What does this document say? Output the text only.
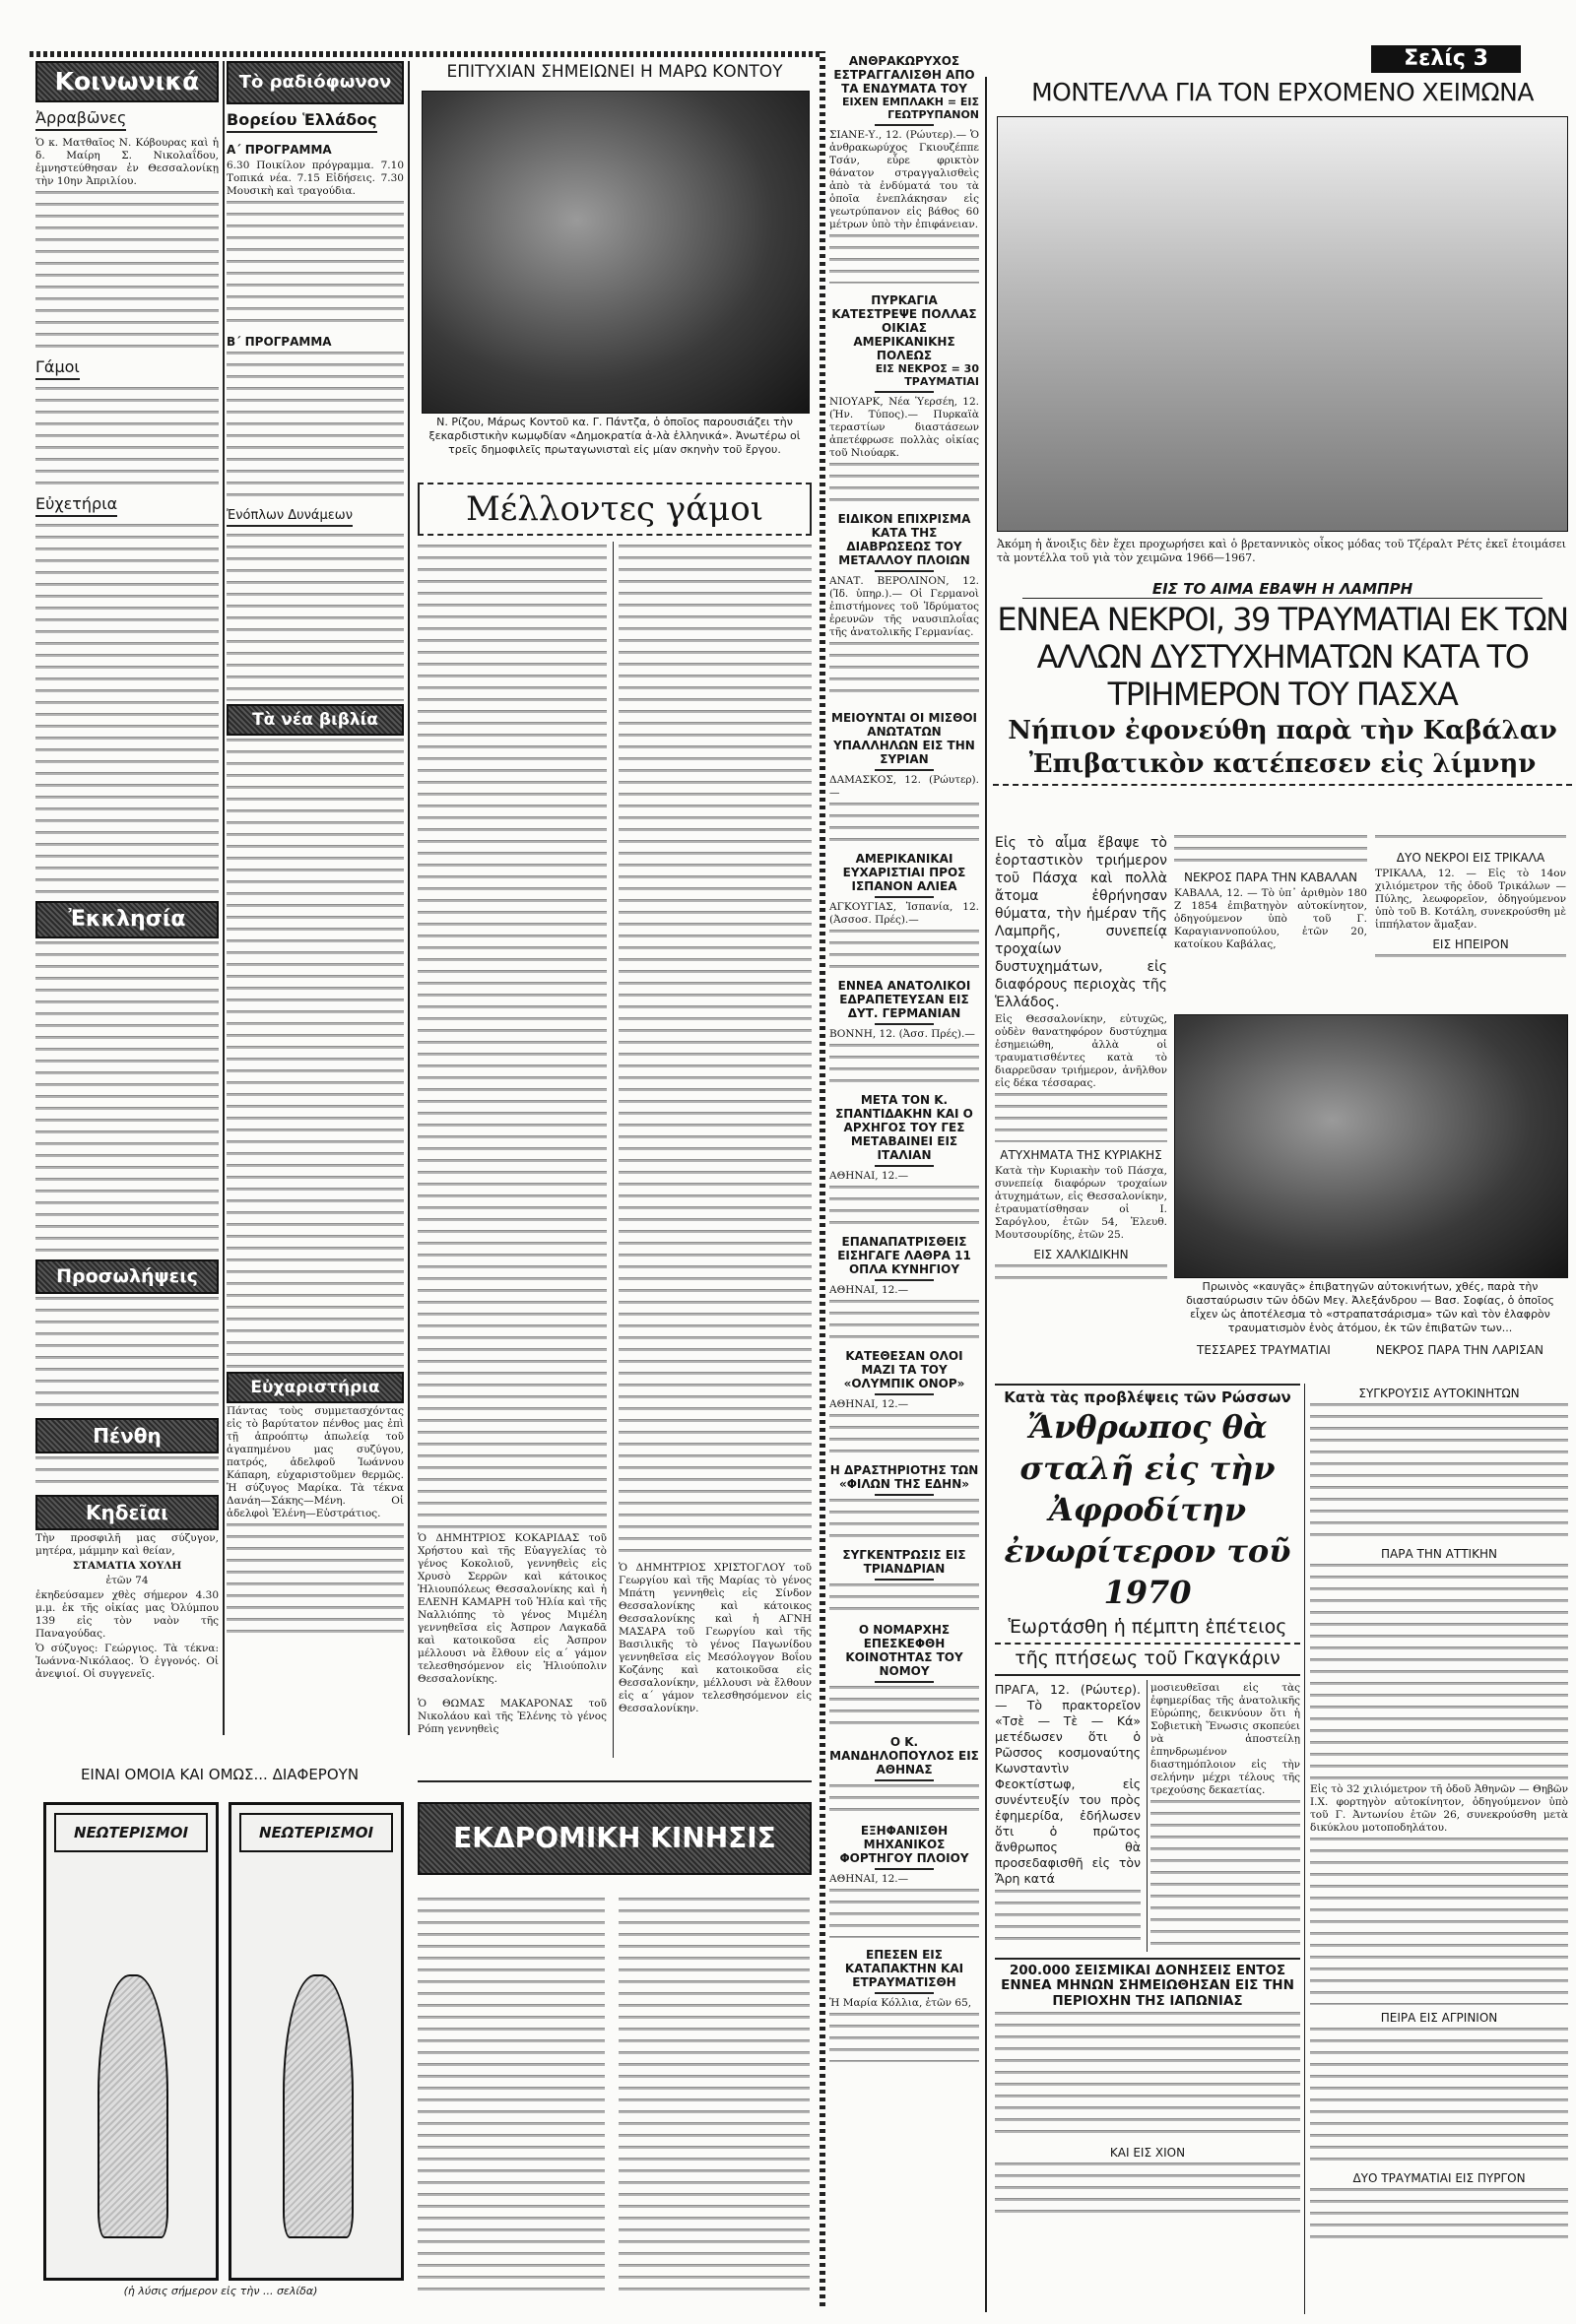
Κοινωνικά
Ἀρραβῶνες
Ὁ κ. Ματθαῖος Ν. Κόβουρας καὶ ἡ δ. Μαίρη Σ. Νικολαΐδου, ἐμνηστεύθησαν ἐν Θεσσαλονίκῃ τὴν 10ην Ἀπριλίου.
Γάμοι
Εὐχετήρια
Ἐκκλησία
Προσωλήψεις
Πένθη
Κηδεῖαι
Τὴν προσφιλῆ μας σύζυγον, μητέρα, μάμμην καὶ θείαν,
ΣΤΑΜΑΤΙΑ ΧΟΥΛΗ
ἐτῶν 74
ἐκηδεύσαμεν χθὲς σήμερον 4.30 μ.μ. ἐκ τῆς οἰκίας μας Ὀλύμπου 139 εἰς τὸν ναὸν τῆς Παναγούδας.
Ὁ σύζυγος: Γεώργιος. Τὰ τέκνα: Ἰωάννα-Νικόλαος. Ὁ ἐγγονός. Οἱ ἀνεψιοί. Οἱ συγγενεῖς.
Τὸ ραδιόφωνον
Βορείου Ἑλλάδος
Α΄ ΠΡΟΓΡΑΜΜΑ
6.30 Ποικίλον πρόγραμμα. 7.10 Τοπικά νέα. 7.15 Εἰδήσεις. 7.30 Μουσικὴ καὶ τραγούδια.
Β΄ ΠΡΟΓΡΑΜΜΑ
Ἐνόπλων Δυνάμεων
Τὰ νέα βιβλία
Εὐχαριστήρια
Πάντας τοὺς συμμετασχόντας εἰς τὸ βαρύτατον πένθος μας ἐπὶ τῇ ἀπροόπτῳ ἀπωλείᾳ τοῦ ἀγαπημένου μας συζύγου, πατρός, ἀδελφοῦ Ἰωάννου Κάπαρη, εὐχαριστοῦμεν θερμῶς. Ἡ σύζυγος Μαρίκα. Τὰ τέκνα Δανάη—Σάκης—Μένη. Οἱ ἀδελφοὶ Ἑλένη—Εὐστράτιος.
ΕΠΙΤΥΧΙΑΝ ΣΗΜΕΙΩΝΕΙ Η ΜΑΡΩ ΚΟΝΤΟΥ
Ν. Ρίζου, Μάρως Κοντοῦ κα. Γ. Πάντζα, ὁ ὁποῖος παρουσιάζει τὴν ξεκαρδιστικὴν κωμῳδίαν «Δημοκρατία ἀ-λὰ ἑλληνικά». Ἀνωτέρω οἱ τρεῖς δημοφιλεῖς πρωταγωνισταὶ εἰς μίαν σκηνὴν τοῦ ἔργου.
Μέλλοντες γάμοι
Ὁ ΔΗΜΗΤΡΙΟΣ ΚΟΚΑΡΙΔΑΣ τοῦ Χρήστου καὶ τῆς Εὐαγγελίας τὸ γένος Κοκολιοῦ, γεννηθεὶς εἰς Χρυσὸ Σερρῶν καὶ κάτοικος Ἡλιουπόλεως Θεσσαλονίκης καὶ ἡ ΕΛΕΝΗ ΚΑΜΑΡΗ τοῦ Ἠλία καὶ τῆς Ναλλιόπης τὸ γένος Μιμέλη γεννηθεῖσα εἰς Ἀσπρον Λαγκαδᾶ καὶ κατοικοῦσα εἰς Ἀσπρον μέλλουσι νὰ ἔλθουν εἰς α΄ γάμον τελεσθησόμενον εἰς Ἡλιούπολιν Θεσσαλονίκης.
Ὁ ΘΩΜΑΣ ΜΑΚΑΡΟΝΑΣ τοῦ Νικολάου καὶ τῆς Ἑλένης τὸ γένος Ρόπη γεννηθεὶς
Ὁ ΔΗΜΗΤΡΙΟΣ ΧΡΙΣΤΟΓΛΟΥ τοῦ Γεωργίου καὶ τῆς Μαρίας τὸ γένος Μπάτη γεννηθεὶς εἰς Σίνδον Θεσσαλονίκης καὶ κάτοικος Θεσσαλονίκης καὶ ἡ ΑΓΝΗ ΜΑΣΑΡΑ τοῦ Γεωργίου καὶ τῆς Βασιλικῆς τὸ γένος Παγωνίδου γεννηθεῖσα εἰς Μεσόλογγον Βοΐου Κοζάνης καὶ κατοικοῦσα εἰς Θεσσαλονίκην, μέλλουσι νὰ ἔλθουν εἰς α΄ γάμον τελεσθησόμενον εἰς Θεσσαλονίκην.
ΕΚΔΡΟΜΙΚΗ ΚΙΝΗΣΙΣ
ΕΙΝΑΙ ΟΜΟΙΑ ΚΑΙ ΟΜΩΣ... ΔΙΑΦΕΡΟΥΝ
ΝΕΩΤΕΡΙΣΜΟΙ	ΝΕΩΤΕΡΙΣΜΟΙ
(ἡ λύσις σήμερον εἰς τὴν ... σελίδα)
ΑΝΘΡΑΚΩΡΥΧΟΣ ΕΣΤΡΑΓΓΑΛΙΣΘΗ ΑΠΟ ΤΑ ΕΝΔΥΜΑΤΑ ΤΟΥ
ΕΙΧΕΝ ΕΜΠΛΑΚΗ = ΕΙΣ ΓΕΩΤΡΥΠΑΝΟΝ
ΣΙΑΝΕ-Υ., 12. (Ρώυτερ).— Ὁ ἀνθρακωρύχος Γκιουζέππε Τσάν, εὗρε φρικτὸν θάνατον στραγγαλισθεὶς ἀπὸ τὰ ἐνδύματά του τὰ ὁποῖα ἐνεπλάκησαν εἰς γεωτρύπανον εἰς βάθος 60 μέτρων ὑπὸ τὴν ἐπιφάνειαν.
ΠΥΡΚΑΓΙΑ ΚΑΤΕΣΤΡΕΨΕ ΠΟΛΛΑΣ ΟΙΚΙΑΣ ΑΜΕΡΙΚΑΝΙΚΗΣ ΠΟΛΕΩΣ
ΕΙΣ ΝΕΚΡΟΣ = 30 ΤΡΑΥΜΑΤΙΑΙ
ΝΙΟΥΑΡΚ, Νέα Ὑερσέη, 12. (Ἡν. Τύπος).— Πυρκαϊὰ τεραστίων διαστάσεων ἀπετέφρωσε πολλὰς οἰκίας τοῦ Νιούαρκ.
ΕΙΔΙΚΟΝ ΕΠΙΧΡΙΣΜΑ ΚΑΤΑ ΤΗΣ ΔΙΑΒΡΩΣΕΩΣ ΤΟΥ ΜΕΤΑΛΛΟΥ ΠΛΟΙΩΝ
ΑΝΑΤ. ΒΕΡΟΛΙΝΟΝ, 12. (Ἰδ. ὑπηρ.).— Οἱ Γερμανοὶ ἐπιστήμονες τοῦ Ἰδρύματος ἐρευνῶν τῆς ναυσιπλοΐας τῆς ἀνατολικῆς Γερμανίας.
ΜΕΙΟΥΝΤΑΙ ΟΙ ΜΙΣΘΟΙ ΑΝΩΤΑΤΩΝ ΥΠΑΛΛΗΛΩΝ ΕΙΣ ΤΗΝ ΣΥΡΙΑΝ
ΔΑΜΑΣΚΟΣ, 12. (Ρώυτερ).—
ΑΜΕΡΙΚΑΝΙΚΑΙ ΕΥΧΑΡΙΣΤΙΑΙ ΠΡΟΣ ΙΣΠΑΝΟΝ ΑΛΙΕΑ
ΑΓΚΟΥΓΙΑΣ, Ἱσπανία, 12. (Ἀσσοσ. Πρές).—
ΕΝΝΕΑ ΑΝΑΤΟΛΙΚΟΙ ΕΔΡΑΠΕΤΕΥΣΑΝ ΕΙΣ ΔΥΤ. ΓΕΡΜΑΝΙΑΝ
ΒΟΝΝΗ, 12. (Ἀσσ. Πρές).—
ΜΕΤΑ ΤΟΝ Κ. ΣΠΑΝΤΙΔΑΚΗΝ ΚΑΙ Ο ΑΡΧΗΓΟΣ ΤΟΥ ΓΕΣ ΜΕΤΑΒΑΙΝΕΙ ΕΙΣ ΙΤΑΛΙΑΝ
ΑΘΗΝΑΙ, 12.—
ΕΠΑΝΑΠΑΤΡΙΣΘΕΙΣ ΕΙΣΗΓΑΓΕ ΛΑΘΡΑ 11 ΟΠΛΑ ΚΥΝΗΓΙΟΥ
ΑΘΗΝΑΙ, 12.—
ΚΑΤΕΘΕΣΑΝ ΟΛΟΙ ΜΑΖΙ ΤΑ ΤΟΥ «ΟΛΥΜΠΙΚ ΟΝΟΡ»
ΑΘΗΝΑΙ, 12.—
Η ΔΡΑΣΤΗΡΙΟΤΗΣ ΤΩΝ «ΦΙΛΩΝ ΤΗΣ ΕΔΗΝ»
ΣΥΓΚΕΝΤΡΩΣΙΣ ΕΙΣ ΤΡΙΑΝΔΡΙΑΝ
Ο ΝΟΜΑΡΧΗΣ ΕΠΕΣΚΕΦΘΗ ΚΟΙΝΟΤΗΤΑΣ ΤΟΥ ΝΟΜΟΥ
Ο Κ. ΜΑΝΔΗΛΟΠΟΥΛΟΣ ΕΙΣ ΑΘΗΝΑΣ
ΕΞΗΦΑΝΙΣΘΗ ΜΗΧΑΝΙΚΟΣ ΦΟΡΤΗΓΟΥ ΠΛΟΙΟΥ
ΑΘΗΝΑΙ, 12.—
ΕΠΕΣΕΝ ΕΙΣ ΚΑΤΑΠΑΚΤΗΝ ΚΑΙ ΕΤΡΑΥΜΑΤΙΣΘΗ
Ἡ Μαρία Κόλλια, ἐτῶν 65,
Σελίς 3
ΜΟΝΤΕΛΛΑ ΓΙΑ ΤΟΝ ΕΡΧΟΜΕΝΟ ΧΕΙΜΩΝΑ
Ἀκόμη ἡ ἄνοιξις δὲν ἔχει προχωρήσει καὶ ὁ βρεταννικὸς οἶκος μόδας τοῦ Τζέραλτ Ρέτς ἐκεῖ ἑτοιμάσει τὰ μοντέλλα τοῦ γιὰ τὸν χειμῶνα 1966—1967.
ΕΙΣ ΤΟ ΑΙΜΑ ΕΒΑΨΗ Η ΛΑΜΠΡΗ
ΕΝΝΕΑ ΝΕΚΡΟΙ, 39 ΤΡΑΥΜΑΤΙΑΙ ΕΚ ΤΩΝ ΑΛΛΩΝ ΔΥΣΤΥΧΗΜΑΤΩΝ ΚΑΤΑ ΤΟ ΤΡΙΗΜΕΡΟΝ ΤΟΥ ΠΑΣΧΑ
Νήπιον ἐφονεύθη παρὰ τὴν Καβάλαν
Ἐπιβατικὸν κατέπεσεν εἰς λίμνην
Εἰς τὸ αἷμα ἔβαψε τὸ ἑορταστικὸν τριήμερον τοῦ Πάσχα καὶ πολλὰ ἄτομα ἐθρήνησαν θύματα, τὴν ἡμέραν τῆς Λαμπρῆς, συνεπείᾳ τροχαίων δυστυχημάτων, εἰς διαφόρους περιοχὰς τῆς Ἑλλάδος.
Εἰς Θεσσαλονίκην, εὐτυχῶς, οὐδὲν θανατηφόρον δυστύχημα ἐσημειώθη, ἀλλὰ οἱ τραυματισθέντες κατὰ τὸ διαρρεῦσαν τριήμερον, ἀνῆλθον εἰς δέκα τέσσαρας.
ΑΤΥΧΗΜΑΤΑ ΤΗΣ ΚΥΡΙΑΚΗΣ
Κατὰ τὴν Κυριακὴν τοῦ Πάσχα, συνεπείᾳ διαφόρων τροχαίων ἀτυχημάτων, εἰς Θεσσαλονίκην, ἐτραυματίσθησαν οἱ Ι. Σαρόγλου, ἐτῶν 54, Ἐλευθ. Μουτσουρίδης, ἐτῶν 25.
ΕΙΣ ΧΑΛΚΙΔΙΚΗΝ
ΝΕΚΡΟΣ ΠΑΡΑ ΤΗΝ ΚΑΒΑΛΑΝ
ΚΑΒΑΛΑ, 12. — Τὸ ὑπ᾽ ἀριθμὸν 180 Ζ 1854 ἐπιβατηγὸν αὐτοκίνητον, ὁδηγούμενον ὑπὸ τοῦ Γ. Καραγιαννοπούλου, ἐτῶν 20, κατοίκου Καβάλας,
ΔΥΟ ΝΕΚΡΟΙ ΕΙΣ ΤΡΙΚΑΛΑ
ΤΡΙΚΑΛΑ, 12. — Εἰς τὸ 14ον χιλιόμετρον τῆς ὁδοῦ Τρικάλων — Πύλης, λεωφορεῖον, ὁδηγούμενον ὑπὸ τοῦ Β. Κοτάλη, συνεκρούσθη μὲ ἱππήλατον ἅμαξαν.
ΕΙΣ ΗΠΕΙΡΟΝ
Πρωινὸς «καυγᾶς» ἐπιβατηγῶν αὐτοκινήτων, χθές, παρὰ τὴν διασταύρωσιν τῶν ὁδῶν Μεγ. Ἀλεξάνδρου — Βασ. Σοφίας, ὁ ὁποῖος εἶχεν ὡς ἀποτέλεσμα τὸ «στραπατσάρισμα» τῶν καὶ τὸν ἐλαφρὸν τραυματισμὸν ἑνὸς ἀτόμου, ἐκ τῶν ἐπιβατῶν των...
ΤΕΣΣΑΡΕΣ ΤΡΑΥΜΑΤΙΑΙ	ΝΕΚΡΟΣ ΠΑΡΑ ΤΗΝ ΛΑΡΙΣΑΝ
Κατὰ τὰς προβλέψεις τῶν Ρώσσων
Ἄνθρωπος θὰ σταλῆ εἰς τὴν Ἀφροδίτην ἐνωρίτερον τοῦ 1970
Ἑωρτάσθη ἡ πέμπτη ἐπέτειος
τῆς πτήσεως τοῦ Γκαγκάριν
ΠΡΑΓΑ, 12. (Ρώυτερ). — Τὸ πρακτορεῖον «Τσὲ — Τὲ — Κά» μετέδωσεν ὅτι ὁ Ρῶσσος κοσμοναύτης Κωνσταντὶν Φεοκτίστωφ, εἰς συνέντευξίν του πρὸς ἐφημερίδα, ἐδήλωσεν ὅτι ὁ πρῶτος ἄνθρωπος θὰ προσεδαφισθῆ εἰς τὸν Ἄρη κατά
μοσιευθεῖσαι εἰς τὰς ἐφημερίδας τῆς ἀνατολικῆς Εὐρώπης, δεικνύουν ὅτι ἡ Σοβιετικὴ Ἕνωσις σκοπεύει νὰ ἀποστείλῃ ἐπηνδρωμένον διαστημόπλοιον εἰς τὴν σελήνην μέχρι τέλους τῆς τρεχούσης δεκαετίας.
200.000 ΣΕΙΣΜΙΚΑΙ ΔΟΝΗΣΕΙΣ ΕΝΤΟΣ ΕΝΝΕΑ ΜΗΝΩΝ ΣΗΜΕΙΩΘΗΣΑΝ ΕΙΣ ΤΗΝ ΠΕΡΙΟΧΗΝ ΤΗΣ ΙΑΠΩΝΙΑΣ
ΚΑΙ ΕΙΣ ΧΙΟΝ
ΣΥΓΚΡΟΥΣΙΣ ΑΥΤΟΚΙΝΗΤΩΝ
ΠΑΡΑ ΤΗΝ ΑΤΤΙΚΗΝ
Εἰς τὸ 32 χιλιόμετρον τῆ ὁδοῦ Ἀθηνῶν — Θηβῶν Ι.Χ. φορτηγὸν αὐτοκίνητον, ὁδηγούμενον ὑπὸ τοῦ Γ. Ἀντωνίου ἐτῶν 26, συνεκρούσθη μετὰ δικύκλου μοτοποδηλάτου.
ΠΕΙΡΑ ΕΙΣ ΑΓΡΙΝΙΟΝ
ΔΥΟ ΤΡΑΥΜΑΤΙΑΙ ΕΙΣ ΠΥΡΓΟΝ
